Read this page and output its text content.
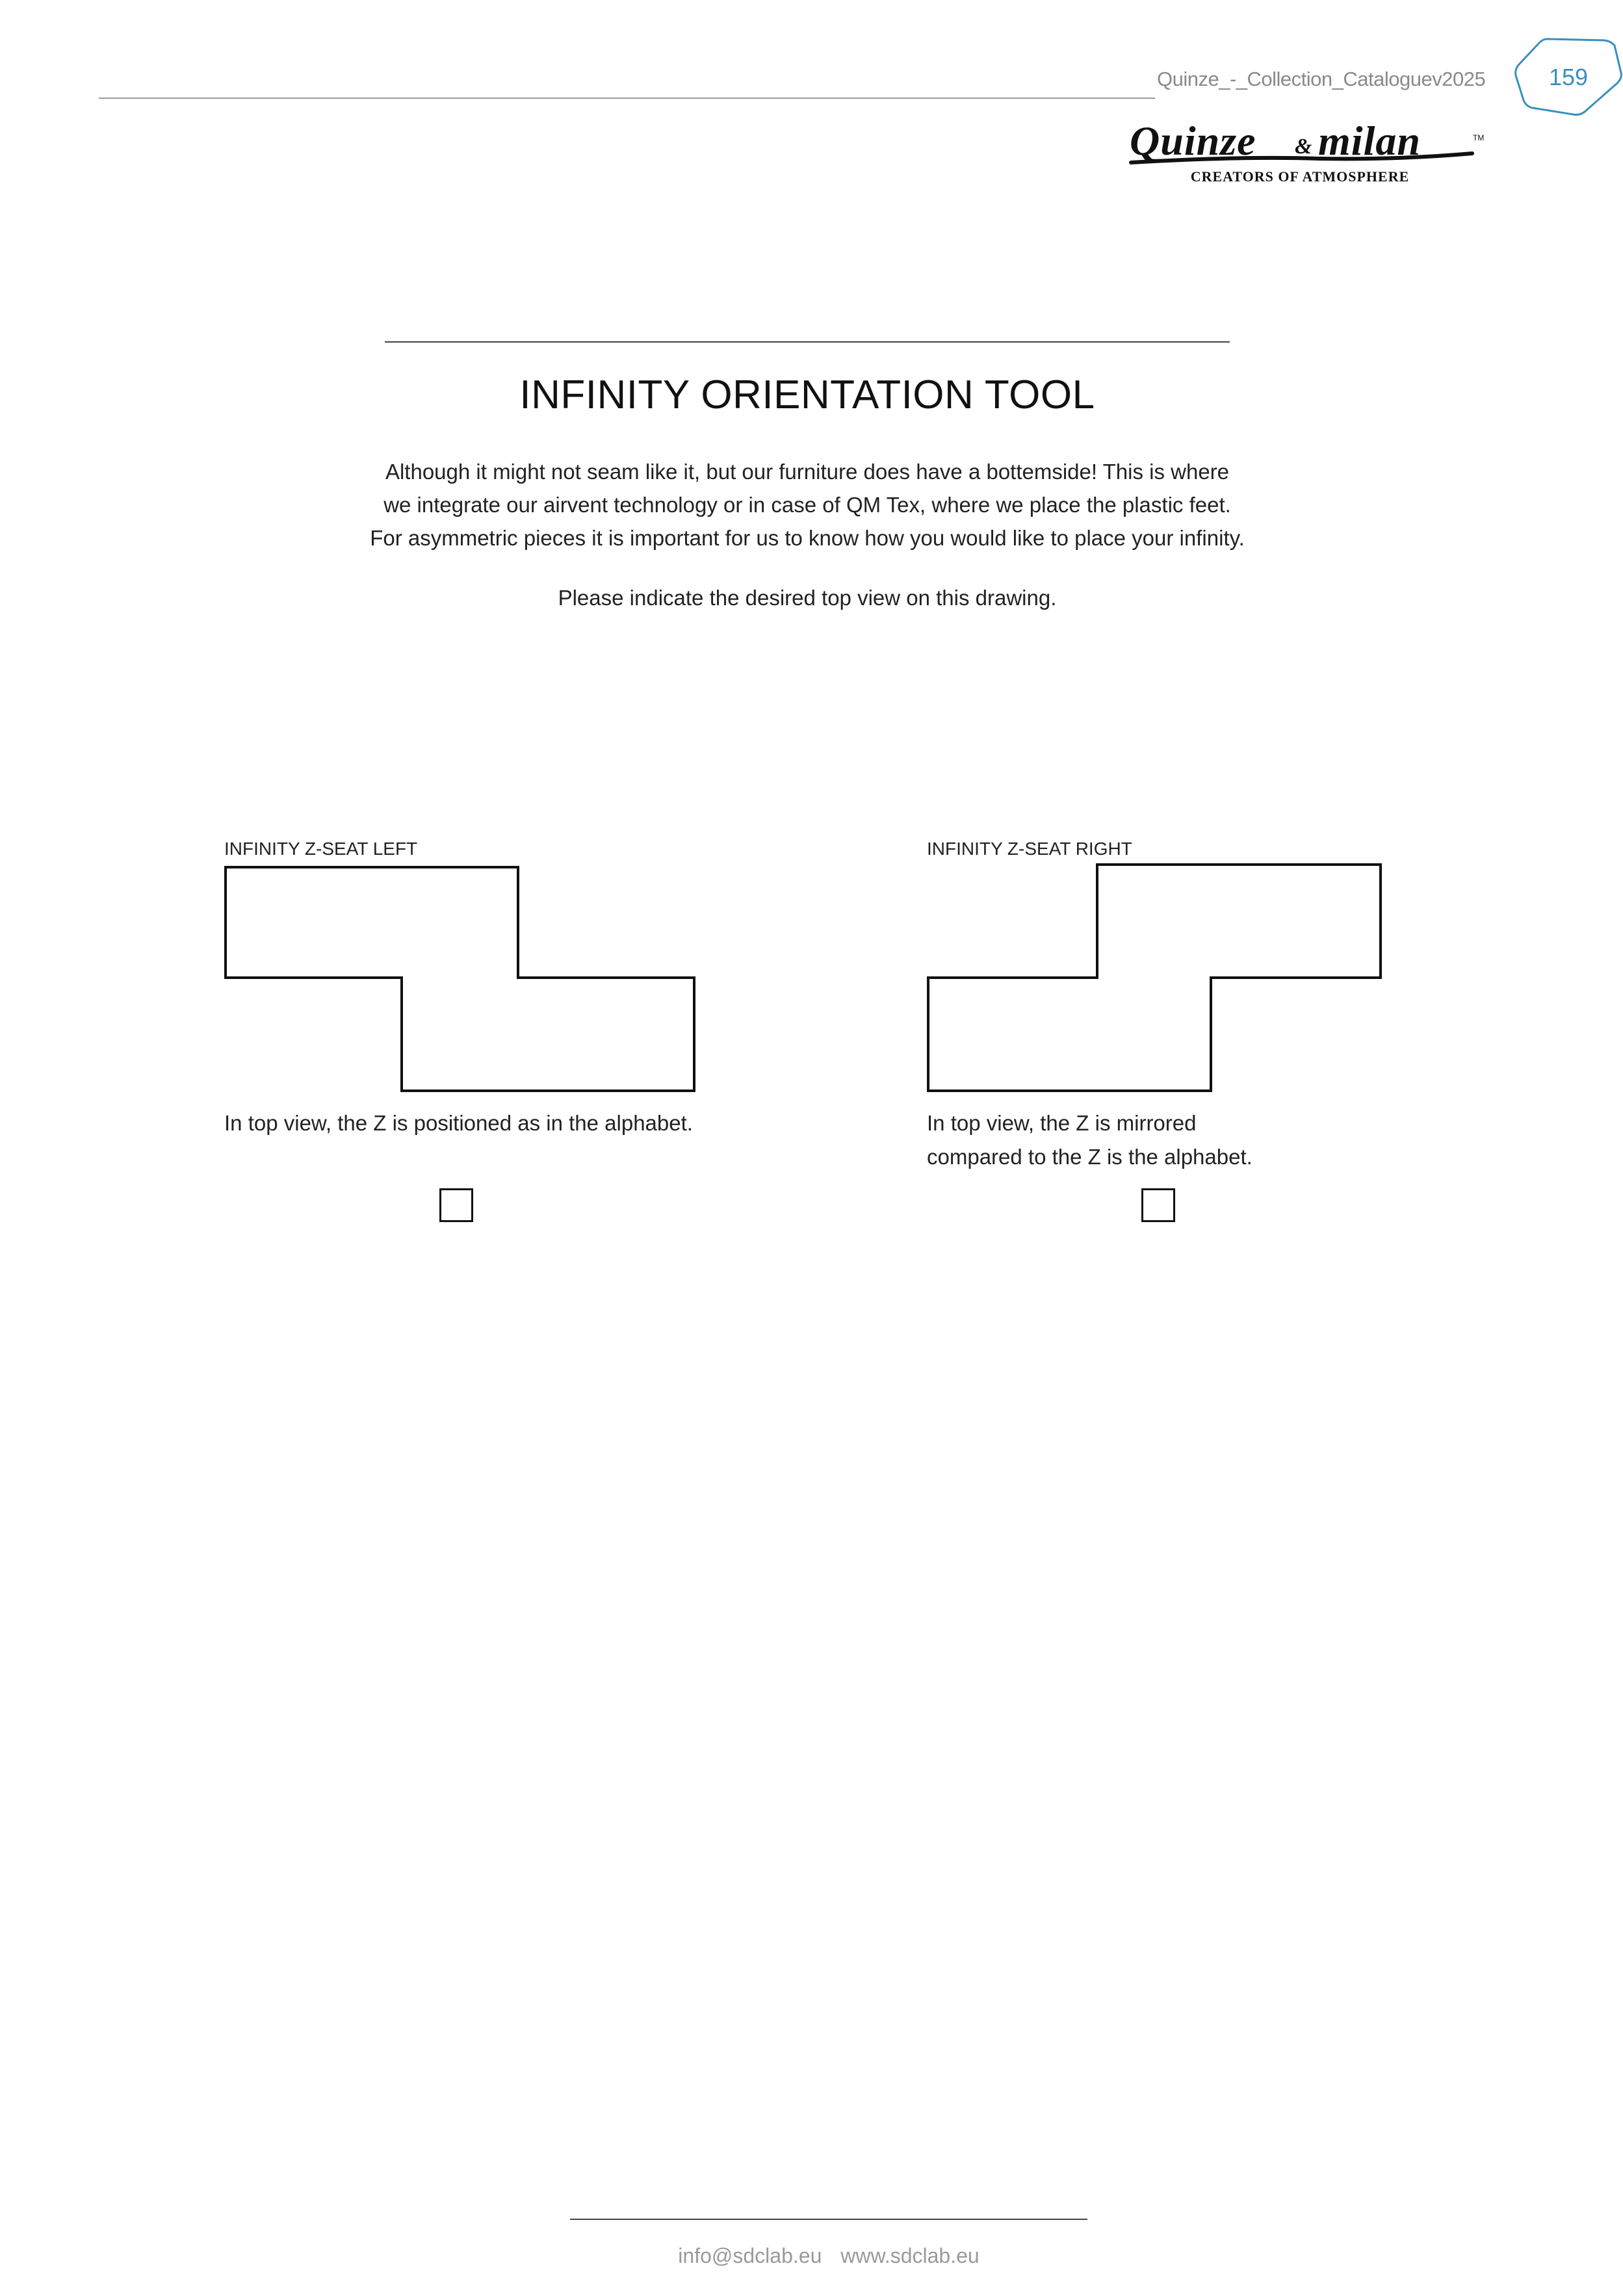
Quinze_-_Collection_Cataloguev2025	159
Quinze & milan	TM
CREATORS OF ATMOSPHERE
INFINITY ORIENTATION TOOL

Although it might not seam like it, but our furniture does have a bottemside! This is where

we integrate our airvent technology or in case of QM Tex, where we place the plastic feet.

For asymmetric pieces it is important for us to know how you would like to place your infinity.

Please indicate the desired top view on this drawing.

INFINITY Z-SEAT LEFT
In top view, the Z is positioned as in the alphabet.
INFINITY Z-SEAT RIGHT
In top view, the Z is mirrored
compared to the Z is the alphabet.
info@sdclab.eu www.sdclab.eu
